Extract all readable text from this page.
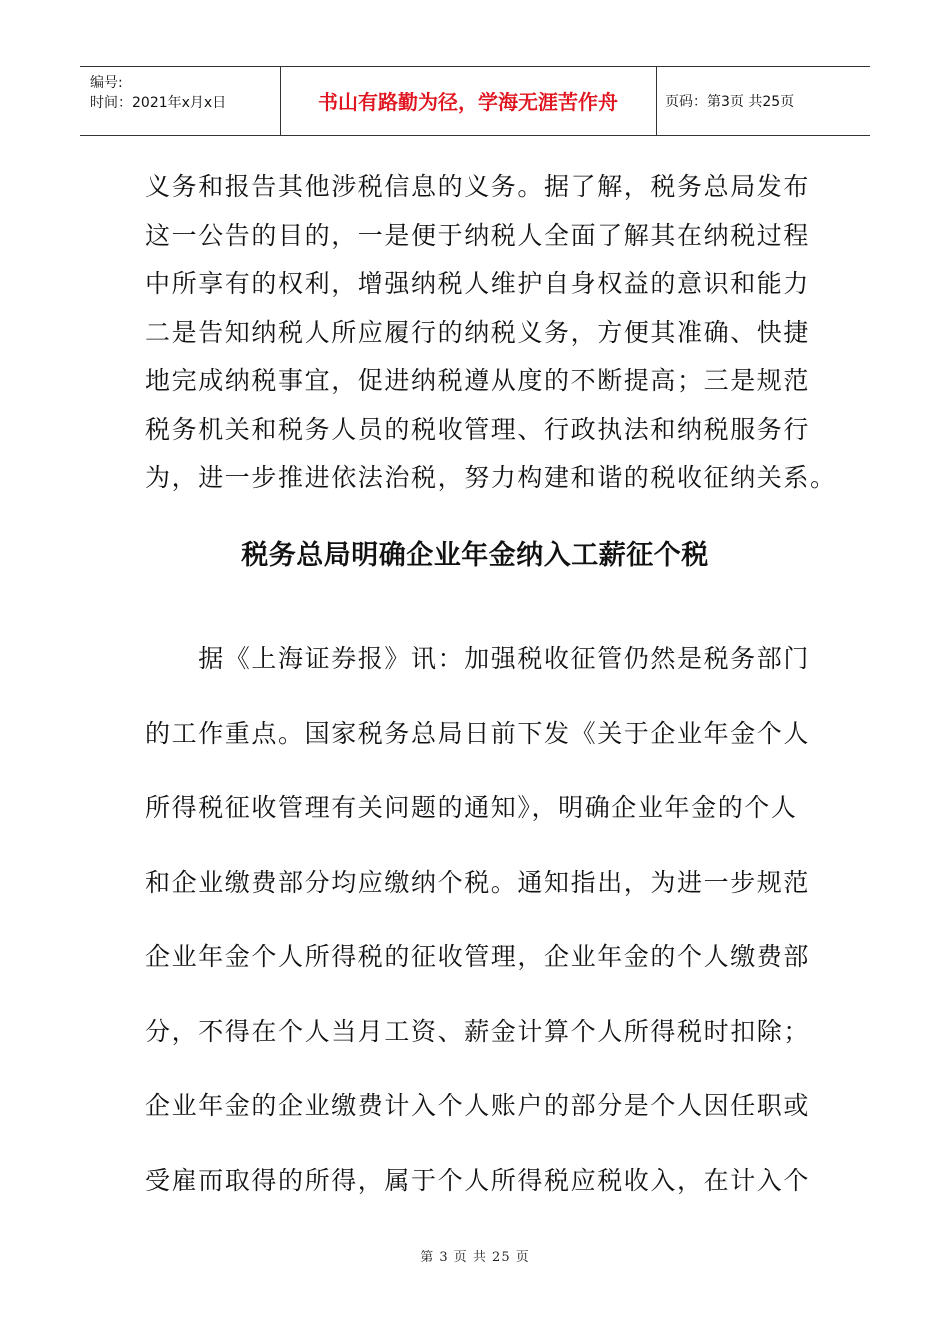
编号:
时间：2021年x月x日	书山有路勤为径，学海无涯苦作舟	页码：第3页 共25页
义务和报告其他涉税信息的义务。据了解，税务总局发布
这一公告的目的，一是便于纳税人全面了解其在纳税过程
中所享有的权利，增强纳税人维护自身权益的意识和能力
二是告知纳税人所应履行的纳税义务，方便其准确、快捷
地完成纳税事宜，促进纳税遵从度的不断提高；三是规范
税务机关和税务人员的税收管理、行政执法和纳税服务行
为，进一步推进依法治税，努力构建和谐的税收征纳关系。
税务总局明确企业年金纳入工薪征个税
　　据《上海证券报》讯：加强税收征管仍然是税务部门
的工作重点。国家税务总局日前下发《关于企业年金个人
所得税征收管理有关问题的通知》，明确企业年金的个人
和企业缴费部分均应缴纳个税。通知指出，为进一步规范
企业年金个人所得税的征收管理，企业年金的个人缴费部
分，不得在个人当月工资、薪金计算个人所得税时扣除；
企业年金的企业缴费计入个人账户的部分是个人因任职或
受雇而取得的所得，属于个人所得税应税收入，在计入个
第 3 页 共 25 页
